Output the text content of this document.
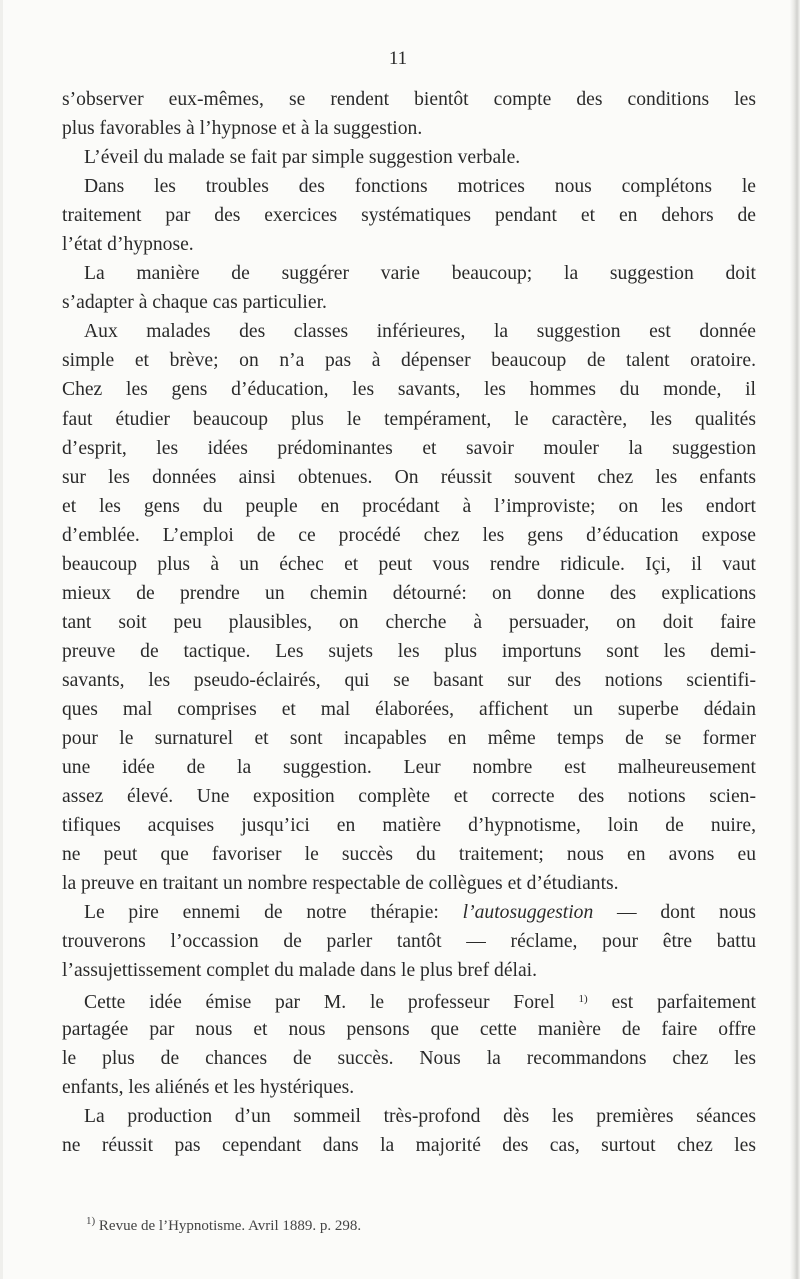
11
s’observer eux-mêmes, se rendent bientôt compte des conditions les
plus favorables à l’hypnose et à la suggestion.
L’éveil du malade se fait par simple suggestion verbale.
Dans les troubles des fonctions motrices nous complétons le
traitement par des exercices systématiques pendant et en dehors de
l’état d’hypnose.
La manière de suggérer varie beaucoup; la suggestion doit
s’adapter à chaque cas particulier.
Aux malades des classes inférieures, la suggestion est donnée
simple et brève; on n’a pas à dépenser beaucoup de talent oratoire.
Chez les gens d’éducation, les savants, les hommes du monde, il
faut étudier beaucoup plus le tempérament, le caractère, les qualités
d’esprit, les idées prédominantes et savoir mouler la suggestion
sur les données ainsi obtenues. On réussit souvent chez les enfants
et les gens du peuple en procédant à l’improviste; on les endort
d’emblée. L’emploi de ce procédé chez les gens d’éducation expose
beaucoup plus à un échec et peut vous rendre ridicule. Içi, il vaut
mieux de prendre un chemin détourné: on donne des explications
tant soit peu plausibles, on cherche à persuader, on doit faire
preuve de tactique. Les sujets les plus importuns sont les demi-
savants, les pseudo-éclairés, qui se basant sur des notions scientifi-
ques mal comprises et mal élaborées, affichent un superbe dédain
pour le surnaturel et sont incapables en même temps de se former
une idée de la suggestion. Leur nombre est malheureusement
assez élevé. Une exposition complète et correcte des notions scien-
tifiques acquises jusqu’ici en matière d’hypnotisme, loin de nuire,
ne peut que favoriser le succès du traitement; nous en avons eu
la preuve en traitant un nombre respectable de collègues et d’étudiants.
Le pire ennemi de notre thérapie: l’autosuggestion — dont nous
trouverons l’occassion de parler tantôt — réclame, pour être battu
l’assujettissement complet du malade dans le plus bref délai.
Cette idée émise par M. le professeur Forel $^{1)}$ est parfaitement
partagée par nous et nous pensons que cette manière de faire offre
le plus de chances de succès. Nous la recommandons chez les
enfants, les aliénés et les hystériques.
La production d’un sommeil très-profond dès les premières séances
ne réussit pas cependant dans la majorité des cas, surtout chez les
$^{1)}$ Revue de l’Hypnotisme. Avril 1889. p. 298.
